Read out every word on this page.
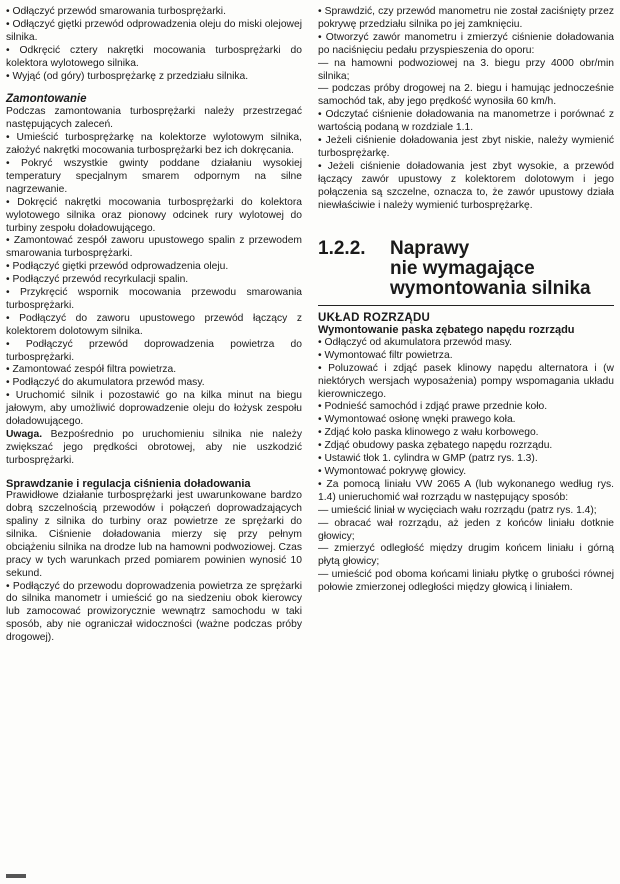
• Odłączyć przewód smarowania turbosprężarki.

• Odłączyć giętki przewód odprowadzenia oleju do miski olejowej silnika.

• Odkręcić cztery nakrętki mocowania turbosprężarki do kolektora wylotowego silnika.

• Wyjąć (od góry) turbosprężarkę z przedziału silnika.

Zamontowanie

Podczas zamontowania turbosprężarki należy przestrzegać następujących zaleceń.

• Umieścić turbosprężarkę na kolektorze wylotowym silnika, założyć nakrętki mocowania turbosprężarki bez ich dokręcania.

• Pokryć wszystkie gwinty poddane działaniu wysokiej temperatury specjalnym smarem odpornym na silne nagrzewanie.

• Dokręcić nakrętki mocowania turbosprężarki do kolektora wylotowego silnika oraz pionowy odcinek rury wylotowej do turbiny zespołu doładowującego.

• Zamontować zespół zaworu upustowego spalin z przewodem smarowania turbosprężarki.

• Podłączyć giętki przewód odprowadzenia oleju.

• Podłączyć przewód recyrkulacji spalin.

• Przykręcić wspornik mocowania przewodu smarowania turbosprężarki.

• Podłączyć do zaworu upustowego przewód łączący z kolektorem dolotowym silnika.

• Podłączyć przewód doprowadzenia powietrza do turbosprężarki.

• Zamontować zespół filtra powietrza.

• Podłączyć do akumulatora przewód masy.

• Uruchomić silnik i pozostawić go na kilka minut na biegu jałowym, aby umożliwić doprowadzenie oleju do łożysk zespołu doładowującego.

Uwaga. Bezpośrednio po uruchomieniu silnika nie należy zwiększać jego prędkości obrotowej, aby nie uszkodzić turbosprężarki.

Sprawdzanie i regulacja ciśnienia doładowania

Prawidłowe działanie turbosprężarki jest uwarunkowane bardzo dobrą szczelnością przewodów i połączeń doprowadzających spaliny z silnika do turbiny oraz powietrze ze sprężarki do silnika. Ciśnienie doładowania mierzy się przy pełnym obciążeniu silnika na drodze lub na hamowni podwoziowej. Czas pracy w tych warunkach przed pomiarem powinien wynosić 10 sekund.

• Podłączyć do przewodu doprowadzenia powietrza ze sprężarki do silnika manometr i umieścić go na siedzeniu obok kierowcy lub zamocować prowizorycznie wewnątrz samochodu w taki sposób, aby nie ograniczał widoczności (ważne podczas próby drogowej).

• Sprawdzić, czy przewód manometru nie został zaciśnięty przez pokrywę przedziału silnika po jej zamknięciu.

• Otworzyć zawór manometru i zmierzyć ciśnienie doładowania po naciśnięciu pedału przyspieszenia do oporu:

— na hamowni podwoziowej na 3. biegu przy 4000 obr/min silnika;

— podczas próby drogowej na 2. biegu i hamując jednocześnie samochód tak, aby jego prędkość wynosiła 60 km/h.

• Odczytać ciśnienie doładowania na manometrze i porównać z wartością podaną w rozdziale 1.1.

• Jeżeli ciśnienie doładowania jest zbyt niskie, należy wymienić turbosprężarkę.

• Jeżeli ciśnienie doładowania jest zbyt wysokie, a przewód łączący zawór upustowy z kolektorem dolotowym i jego połączenia są szczelne, oznacza to, że zawór upustowy działa niewłaściwie i należy wymienić turbosprężarkę.

1.2.2.	Naprawy
nie wymagające
wymontowania silnika

UKŁAD ROZRZĄDU

Wymontowanie paska zębatego napędu rozrządu

• Odłączyć od akumulatora przewód masy.

• Wymontować filtr powietrza.

• Poluzować i zdjąć pasek klinowy napędu alternatora i (w niektórych wersjach wyposażenia) pompy wspomagania układu kierowniczego.

• Podnieść samochód i zdjąć prawe przednie koło.

• Wymontować osłonę wnęki prawego koła.

• Zdjąć koło paska klinowego z wału korbowego.

• Zdjąć obudowy paska zębatego napędu rozrządu.

• Ustawić tłok 1. cylindra w GMP (patrz rys. 1.3).

• Wymontować pokrywę głowicy.

• Za pomocą liniału VW 2065 A (lub wykonanego według rys. 1.4) unieruchomić wał rozrządu w następujący sposób:

— umieścić liniał w wycięciach wału rozrządu (patrz rys. 1.4);

— obracać wał rozrządu, aż jeden z końców liniału dotknie głowicy;

— zmierzyć odległość między drugim końcem liniału i górną płytą głowicy;

— umieścić pod oboma końcami liniału płytkę o grubości równej połowie zmierzonej odległości między głowicą i liniałem.
